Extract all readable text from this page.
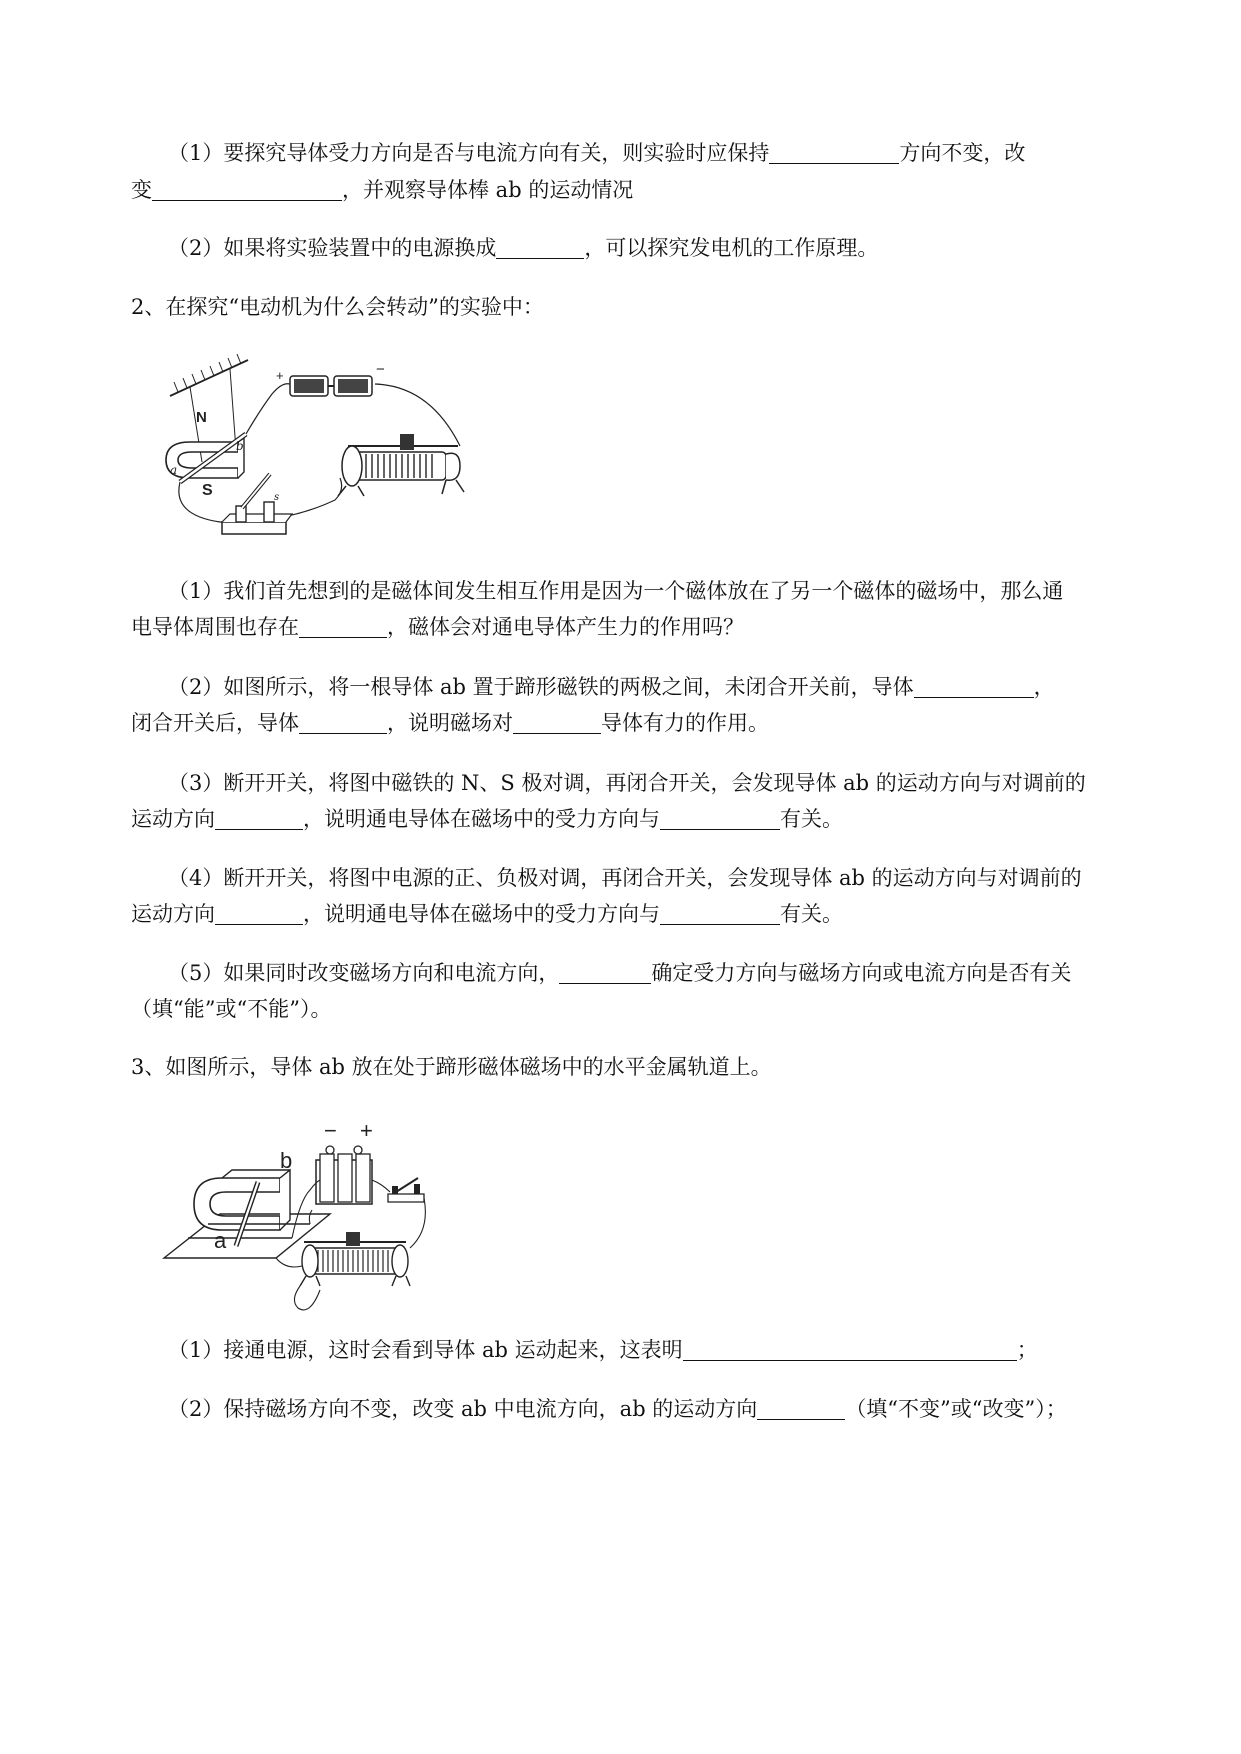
（1）要探究导体受力方向是否与电流方向有关，则实验时应保持	方向不变，改
变	，并观察导体棒 ab 的运动情况
（2）如果将实验装置中的电源换成	，可以探究发电机的工作原理。
2、在探究“电动机为什么会转动”的实验中：
N
S
a
b
+	−
s
（1）我们首先想到的是磁体间发生相互作用是因为一个磁体放在了另一个磁体的磁场中，那么通
电导体周围也存在	，磁体会对通电导体产生力的作用吗？
（2）如图所示，将一根导体 ab 置于蹄形磁铁的两极之间，未闭合开关前，导体	，
闭合开关后，导体	，说明磁场对	导体有力的作用。
（3）断开开关，将图中磁铁的 N、S 极对调，再闭合开关，会发现导体 ab 的运动方向与对调前的
运动方向	，说明通电导体在磁场中的受力方向与	有关。
（4）断开开关，将图中电源的正、负极对调，再闭合开关，会发现导体 ab 的运动方向与对调前的
运动方向	，说明通电导体在磁场中的受力方向与	有关。
（5）如果同时改变磁场方向和电流方向，	确定受力方向与磁场方向或电流方向是否有关
（填“能”或“不能”）。
3、如图所示，导体 ab 放在处于蹄形磁体磁场中的水平金属轨道上。
b
a
− +
（1）接通电源，这时会看到导体 ab 运动起来，这表明	；
（2）保持磁场方向不变，改变 ab 中电流方向，ab 的运动方向	（填“不变”或“改变”）；
